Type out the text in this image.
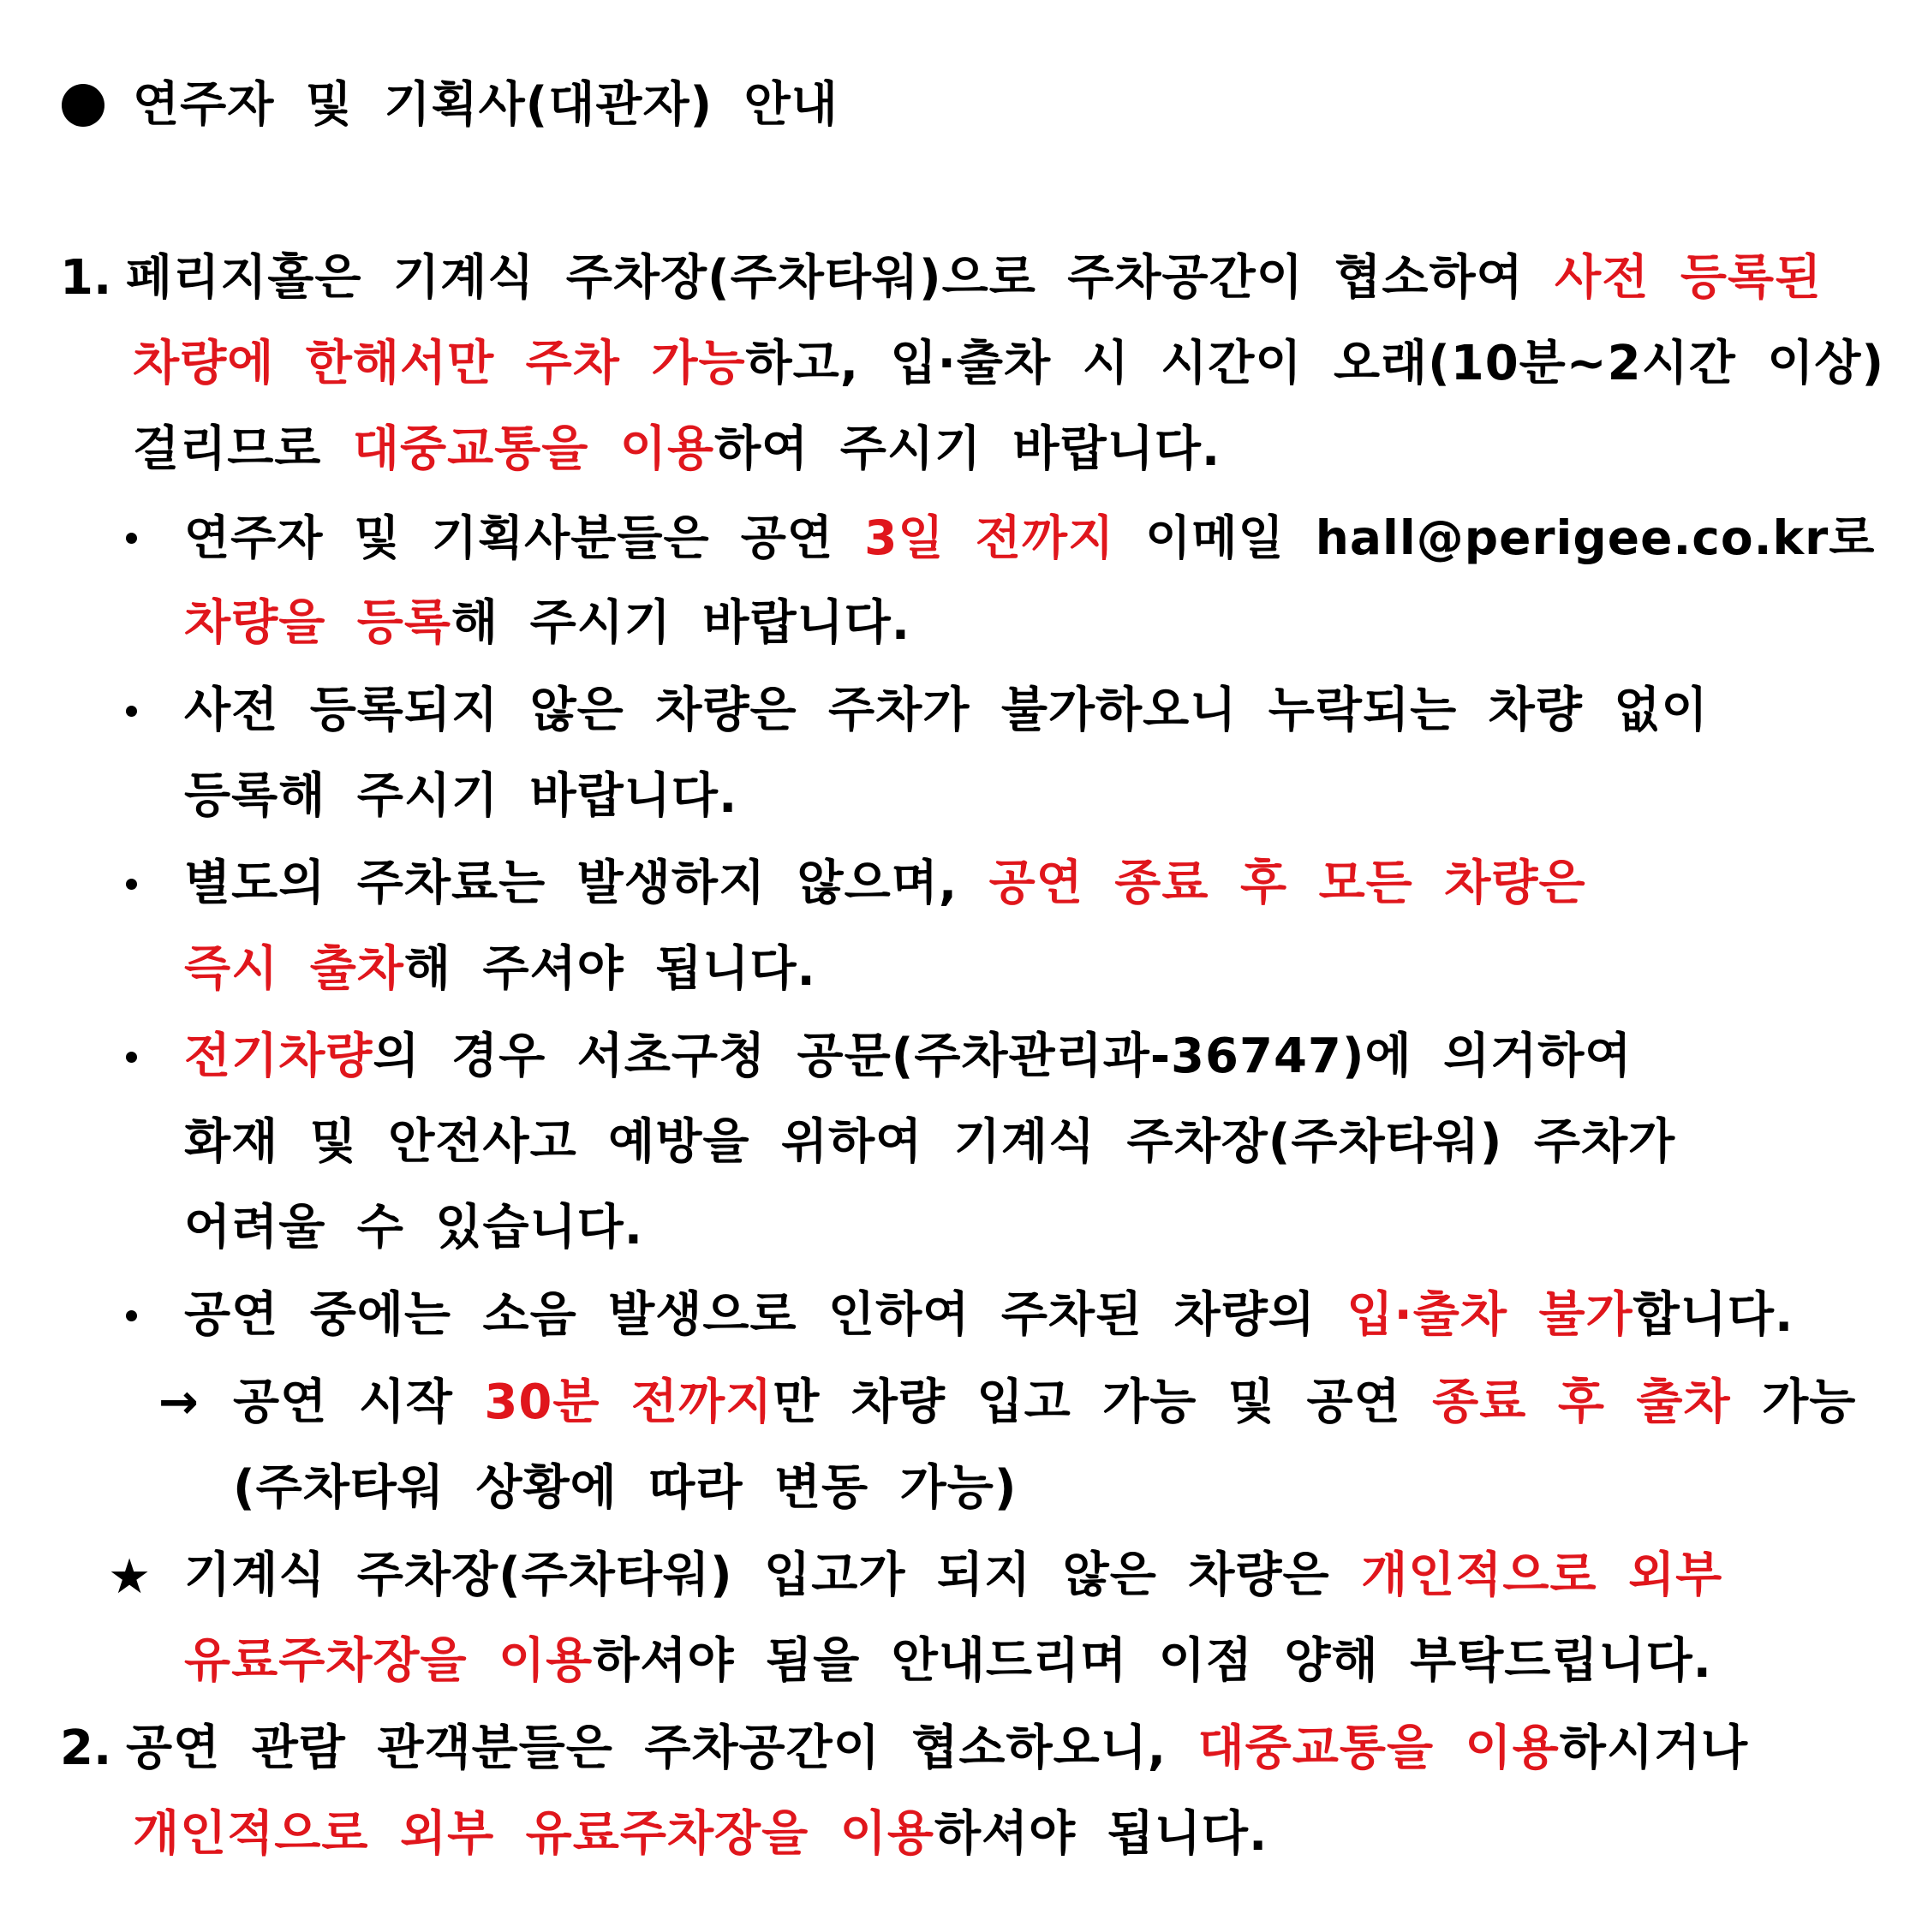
연주자 및 기획사(대관자) 안내
1. 페리지홀은 기계식 주차장(주차타워)으로 주차공간이 협소하여 사전 등록된
차량에 한해서만 주차 가능하고, 입·출차 시 시간이 오래(10분~2시간 이상)
걸리므로 대중교통을 이용하여 주시기 바랍니다.
연주자 및 기획사분들은 공연 3일 전까지 이메일 hall@perigee.co.kr로
차량을 등록해 주시기 바랍니다.
사전 등록되지 않은 차량은 주차가 불가하오니 누락되는 차량 없이
등록해 주시기 바랍니다.
별도의 주차료는 발생하지 않으며, 공연 종료 후 모든 차량은
즉시 출차해 주셔야 됩니다.
전기차량의 경우 서초구청 공문(주차관리과-36747)에 의거하여
화재 및 안전사고 예방을 위하여 기계식 주차장(주차타워) 주차가
어려울 수 있습니다.
공연 중에는 소음 발생으로 인하여 주차된 차량의 입·출차 불가합니다.
→ 공연 시작 30분 전까지만 차량 입고 가능 및 공연 종료 후 출차 가능
(주차타워 상황에 따라 변동 가능)
★ 기계식 주차장(주차타워) 입고가 되지 않은 차량은 개인적으로 외부
유료주차장을 이용하셔야 됨을 안내드리며 이점 양해 부탁드립니다.
2. 공연 관람 관객분들은 주차공간이 협소하오니, 대중교통을 이용하시거나
개인적으로 외부 유료주차장을 이용하셔야 됩니다.
